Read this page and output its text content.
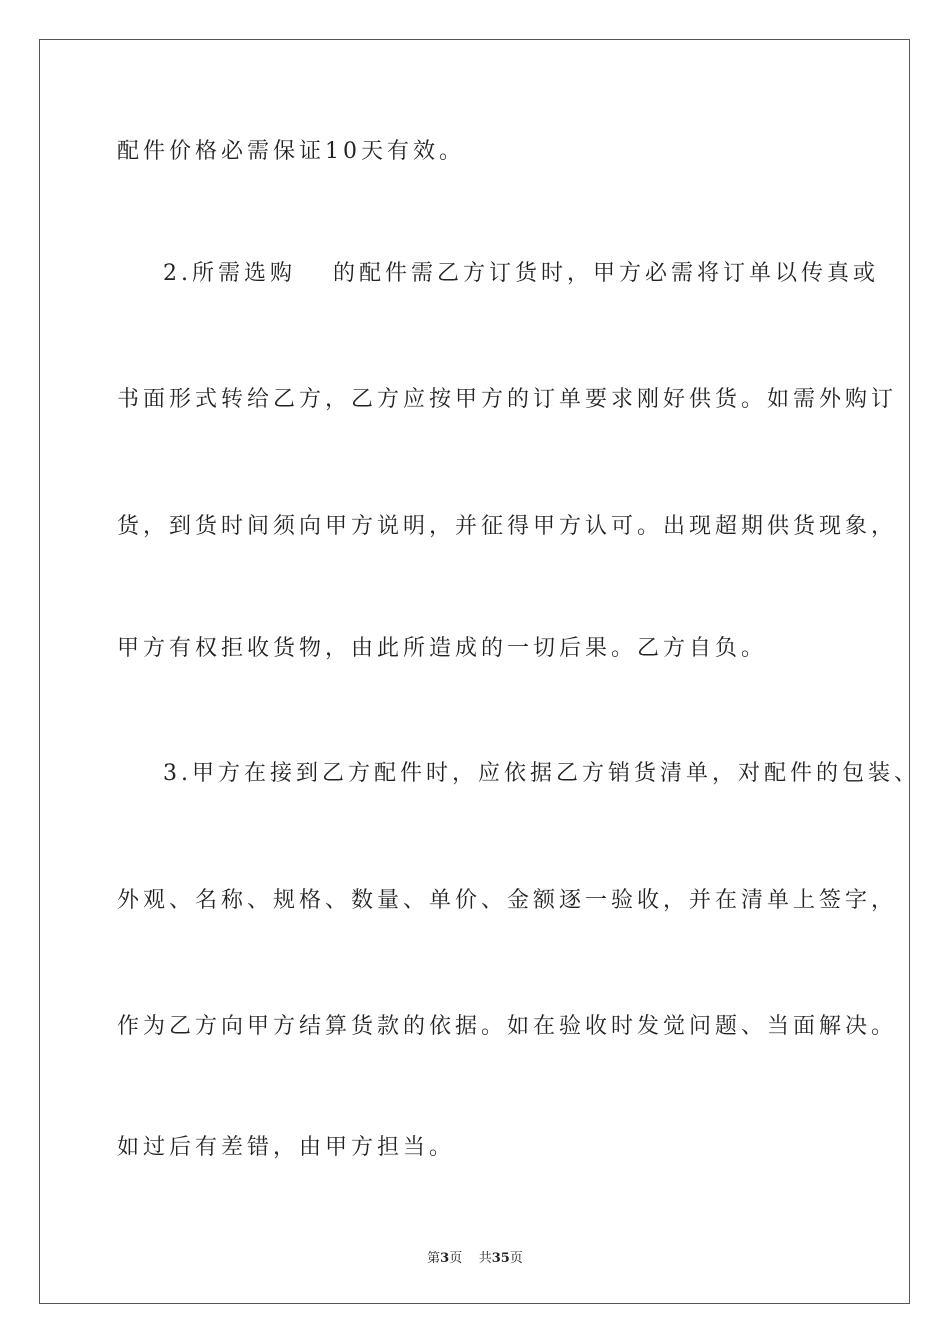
配件价格必需保证10天有效。
2.所需选购　 的配件需乙方订货时，甲方必需将订单以传真或
书面形式转给乙方，乙方应按甲方的订单要求刚好供货。如需外购订
货，到货时间须向甲方说明，并征得甲方认可。出现超期供货现象，
甲方有权拒收货物，由此所造成的一切后果。乙方自负。
3.甲方在接到乙方配件时，应依据乙方销货清单，对配件的包装、
外观、名称、规格、数量、单价、金额逐一验收，并在清单上签字，
作为乙方向甲方结算货款的依据。如在验收时发觉问题、当面解决。
如过后有差错，由甲方担当。
第3页 共35页
